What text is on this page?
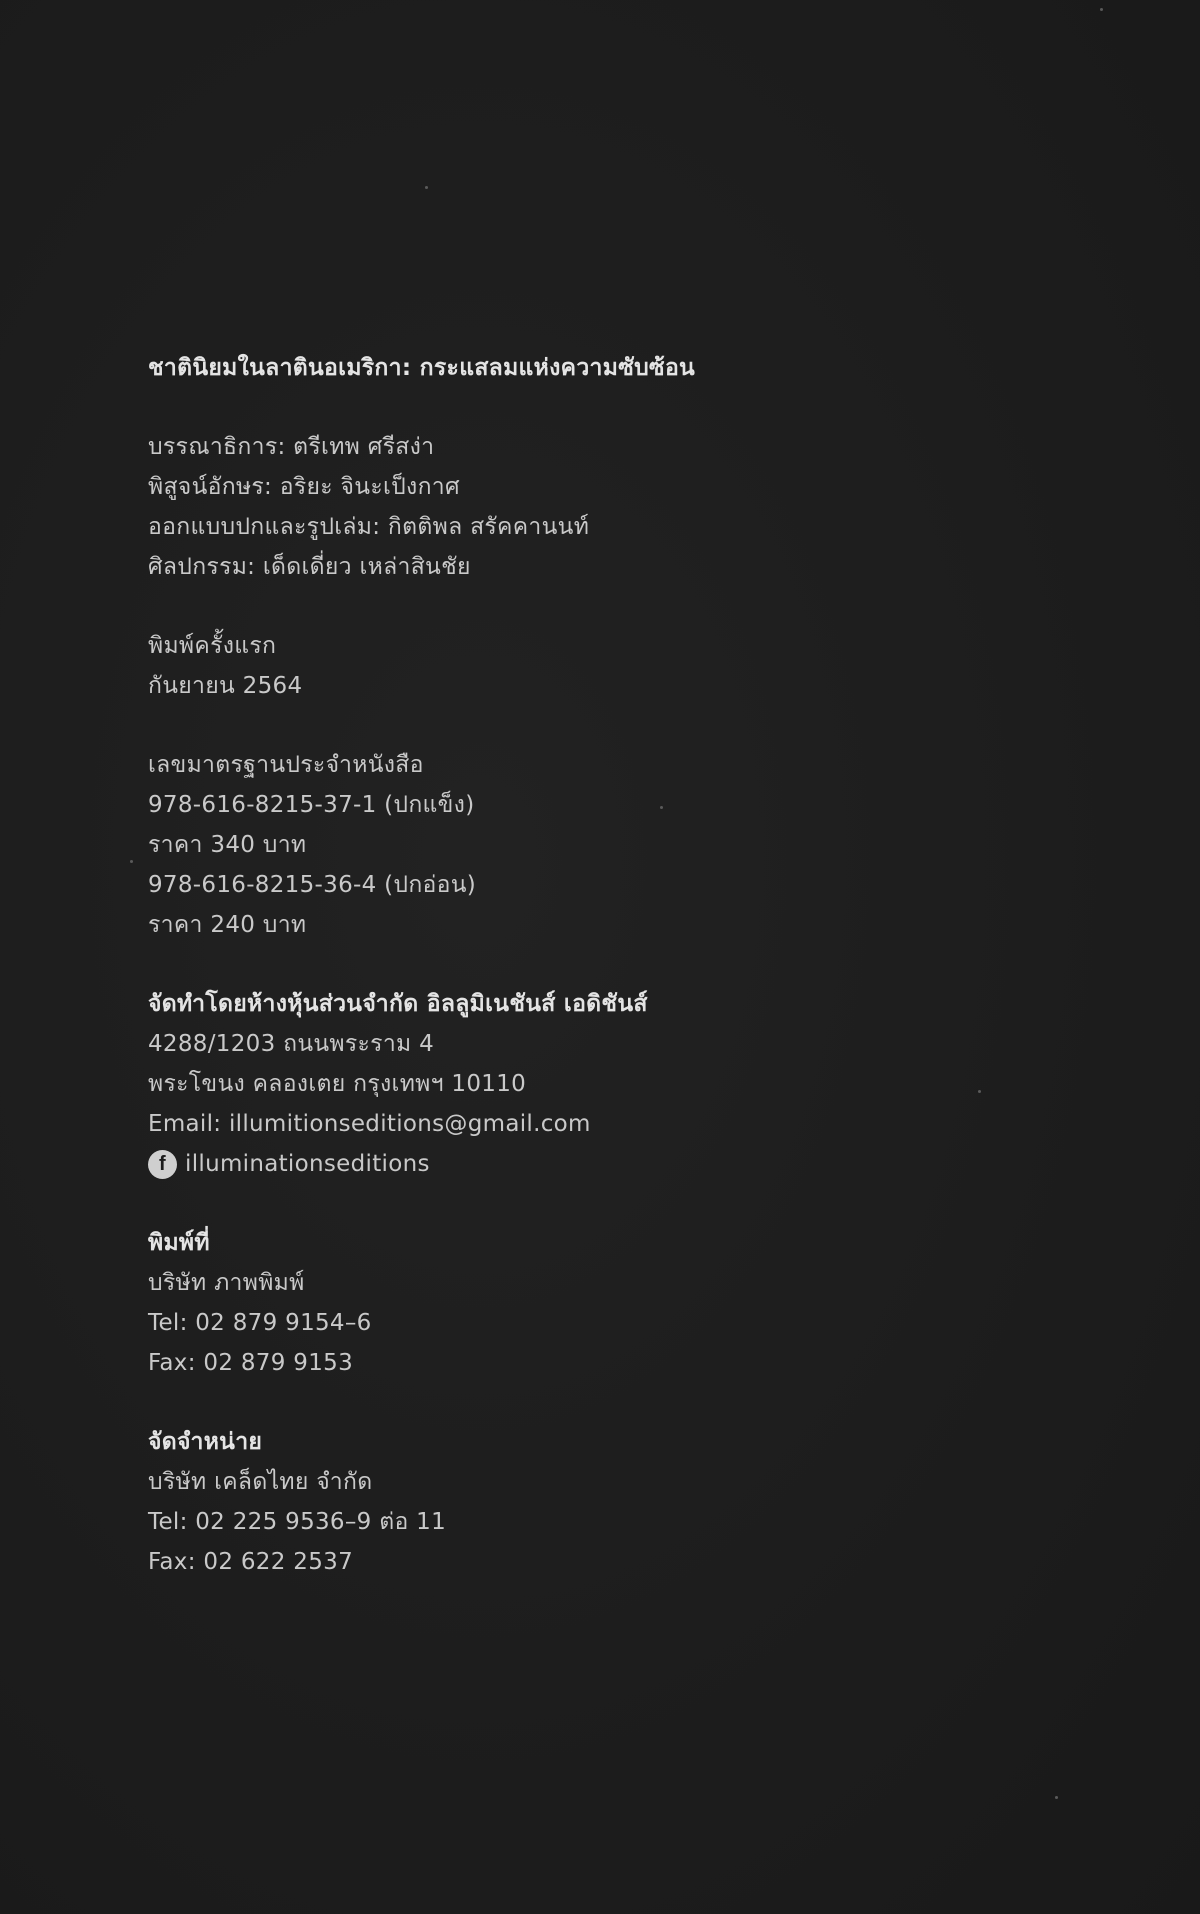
ชาตินิยมในลาตินอเมริกา: กระแสลมแห่งความซับซ้อน
บรรณาธิการ: ตรีเทพ ศรีสง่า
พิสูจน์อักษร: อริยะ จินะเป็งกาศ
ออกแบบปกและรูปเล่ม: กิตติพล สรัคคานนท์
ศิลปกรรม: เด็ดเดี่ยว เหล่าสินชัย
พิมพ์ครั้งแรก
กันยายน 2564
เลขมาตรฐานประจำหนังสือ
978-616-8215-37-1 (ปกแข็ง)
ราคา 340 บาท
978-616-8215-36-4 (ปกอ่อน)
ราคา 240 บาท
จัดทำโดยห้างหุ้นส่วนจำกัด อิลลูมิเนชันส์ เอดิชันส์
4288/1203 ถนนพระราม 4
พระโขนง คลองเตย กรุงเทพฯ 10110
Email: illumitionseditions@gmail.com
f illuminationseditions
พิมพ์ที่
บริษัท ภาพพิมพ์
Tel: 02 879 9154–6
Fax: 02 879 9153
จัดจำหน่าย
บริษัท เคล็ดไทย จำกัด
Tel: 02 225 9536–9 ต่อ 11
Fax: 02 622 2537
